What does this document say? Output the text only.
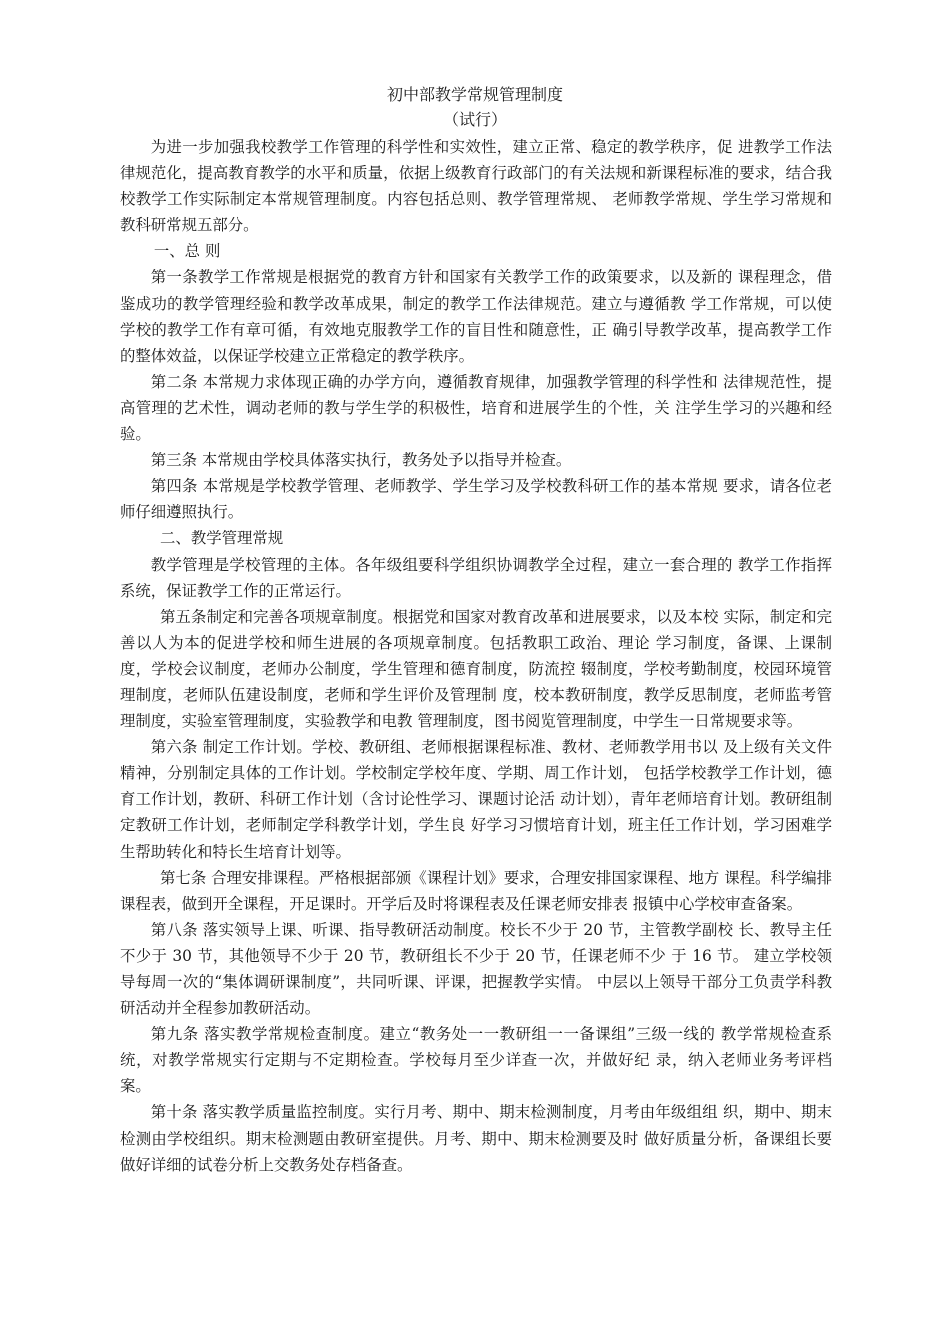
初中部教学常规管理制度
（试行）

为进一步加强我校教学工作管理的科学性和实效性，建立正常、稳定的教学秩序，促 进教学工作法律规范化，提高教育教学的水平和质量，依据上级教育行政部门的有关法规和新课程标准的要求，结合我校教学工作实际制定本常规管理制度。内容包括总则、教学管理常规、 老师教学常规、学生学习常规和教科研常规五部分。

一、总 则

第一条教学工作常规是根据党的教育方针和国家有关教学工作的政策要求，以及新的 课程理念，借鉴成功的教学管理经验和教学改革成果，制定的教学工作法律规范。建立与遵循教 学工作常规，可以使学校的教学工作有章可循，有效地克服教学工作的盲目性和随意性，正 确引导教学改革，提高教学工作的整体效益，以保证学校建立正常稳定的教学秩序。

第二条 本常规力求体现正确的办学方向，遵循教育规律，加强教学管理的科学性和 法律规范性，提高管理的艺术性，调动老师的教与学生学的积极性，培育和进展学生的个性，关 注学生学习的兴趣和经验。

第三条 本常规由学校具体落实执行，教务处予以指导并检查。

第四条 本常规是学校教学管理、老师教学、学生学习及学校教科研工作的基本常规 要求，请各位老师仔细遵照执行。

二、教学管理常规

教学管理是学校管理的主体。各年级组要科学组织协调教学全过程，建立一套合理的 教学工作指挥系统，保证教学工作的正常运行。

第五条制定和完善各项规章制度。根据党和国家对教育改革和进展要求，以及本校 实际，制定和完善以人为本的促进学校和师生进展的各项规章制度。包括教职工政治、理论 学习制度，备课、上课制度，学校会议制度，老师办公制度，学生管理和德育制度，防流控 辍制度，学校考勤制度，校园环境管理制度，老师队伍建设制度，老师和学生评价及管理制 度，校本教研制度，教学反思制度，老师监考管理制度，实验室管理制度，实验教学和电教 管理制度，图书阅览管理制度，中学生一日常规要求等。

第六条 制定工作计划。学校、教研组、老师根据课程标准、教材、老师教学用书以 及上级有关文件精神，分别制定具体的工作计划。学校制定学校年度、学期、周工作计划， 包括学校教学工作计划，德育工作计划，教研、科研工作计划（含讨论性学习、课题讨论活 动计划），青年老师培育计划。教研组制定教研工作计划，老师制定学科教学计划，学生良 好学习习惯培育计划，班主任工作计划，学习困难学生帮助转化和特长生培育计划等。

第七条 合理安排课程。严格根据部颁《课程计划》要求，合理安排国家课程、地方 课程。科学编排课程表，做到开全课程，开足课时。开学后及时将课程表及任课老师安排表 报镇中心学校审查备案。

第八条 落实领导上课、听课、指导教研活动制度。校长不少于 20 节，主管教学副校 长、教导主任不少于 30 节，其他领导不少于 20 节，教研组长不少于 20 节，任课老师不少 于 16 节。 建立学校领导每周一次的“集体调研课制度”，共同听课、评课，把握教学实情。 中层以上领导干部分工负责学科教研活动并全程参加教研活动。

第九条 落实教学常规检查制度。建立“教务处一一教研组一一备课组”三级一线的 教学常规检查系统，对教学常规实行定期与不定期检查。学校每月至少详查一次，并做好纪 录，纳入老师业务考评档案。

第十条 落实教学质量监控制度。实行月考、期中、期末检测制度，月考由年级组组 织，期中、期末检测由学校组织。期末检测题由教研室提供。月考、期中、期末检测要及时 做好质量分析，备课组长要做好详细的试卷分析上交教务处存档备查。
